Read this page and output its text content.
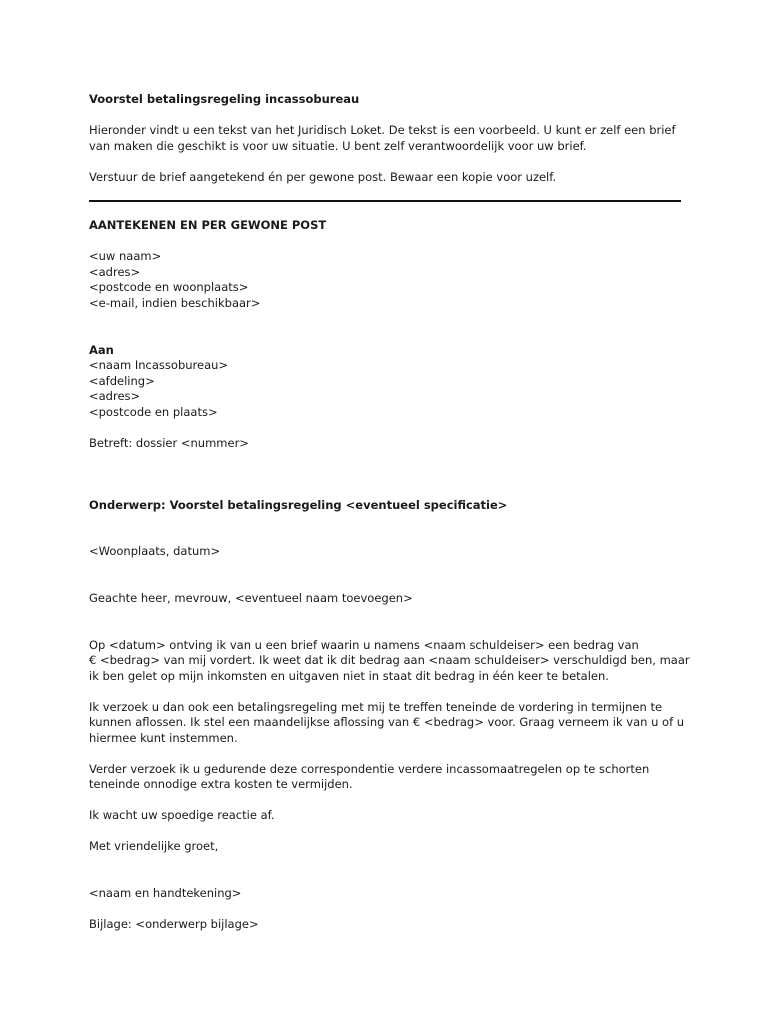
Voorstel betalingsregeling incassobureau

Hieronder vindt u een tekst van het Juridisch Loket. De tekst is een voorbeeld. U kunt er zelf een brief

van maken die geschikt is voor uw situatie. U bent zelf verantwoordelijk voor uw brief.

Verstuur de brief aangetekend én per gewone post. Bewaar een kopie voor uzelf.

AANTEKENEN EN PER GEWONE POST

<uw naam>

<adres>

<postcode en woonplaats>

<e-mail, indien beschikbaar>

Aan

<naam Incassobureau>

<afdeling>

<adres>

<postcode en plaats>

Betreft: dossier <nummer>

Onderwerp: Voorstel betalingsregeling <eventueel specificatie>

<Woonplaats, datum>

Geachte heer, mevrouw, <eventueel naam toevoegen>

Op <datum> ontving ik van u een brief waarin u namens <naam schuldeiser> een bedrag van

€ <bedrag> van mij vordert. Ik weet dat ik dit bedrag aan <naam schuldeiser> verschuldigd ben, maar

ik ben gelet op mijn inkomsten en uitgaven niet in staat dit bedrag in één keer te betalen.

Ik verzoek u dan ook een betalingsregeling met mij te treffen teneinde de vordering in termijnen te

kunnen aflossen. Ik stel een maandelijkse aflossing van € <bedrag> voor. Graag verneem ik van u of u

hiermee kunt instemmen.

Verder verzoek ik u gedurende deze correspondentie verdere incassomaatregelen op te schorten

teneinde onnodige extra kosten te vermijden.

Ik wacht uw spoedige reactie af.

Met vriendelijke groet,

<naam en handtekening>

Bijlage: <onderwerp bijlage>
